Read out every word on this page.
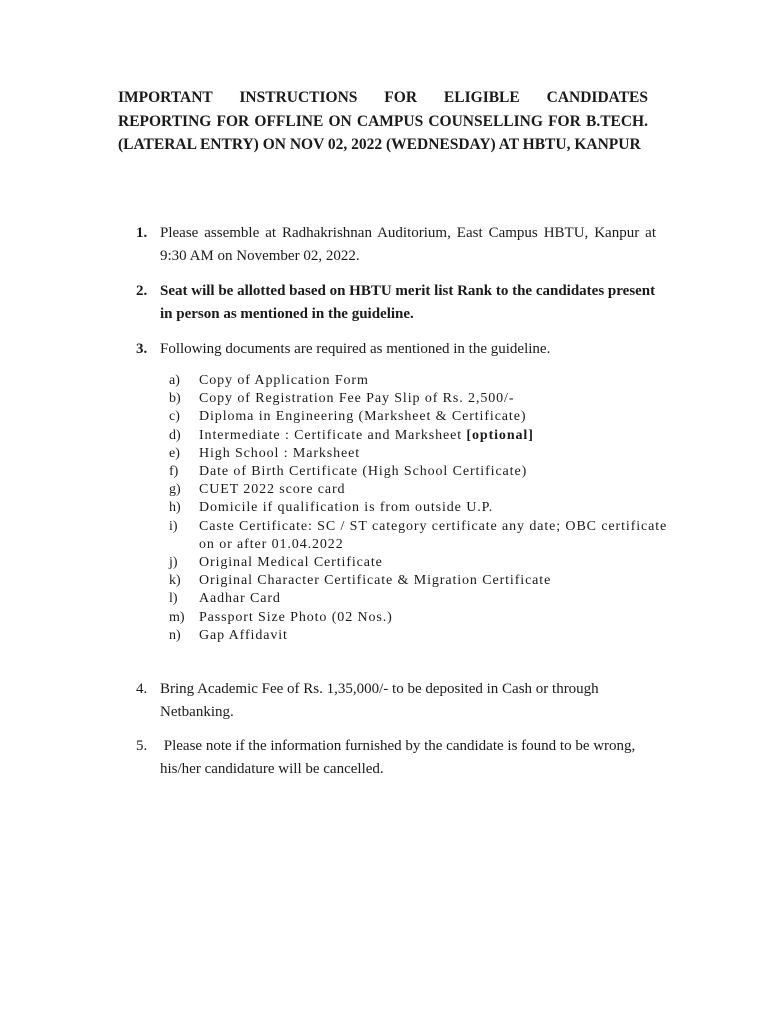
IMPORTANT INSTRUCTIONS FOR ELIGIBLE CANDIDATES REPORTING FOR OFFLINE ON CAMPUS COUNSELLING FOR B.TECH. (LATERAL ENTRY) ON NOV 02, 2022 (WEDNESDAY) AT HBTU, KANPUR
1. Please assemble at Radhakrishnan Auditorium, East Campus HBTU, Kanpur at 9:30 AM on November 02, 2022.
2. Seat will be allotted based on HBTU merit list Rank to the candidates present in person as mentioned in the guideline.
3. Following documents are required as mentioned in the guideline.
a) Copy of Application Form
b) Copy of Registration Fee Pay Slip of Rs. 2,500/-
c) Diploma in Engineering (Marksheet & Certificate)
d) Intermediate : Certificate and Marksheet [optional]
e) High School : Marksheet
f) Date of Birth Certificate (High School Certificate)
g) CUET 2022 score card
h) Domicile if qualification is from outside U.P.
i) Caste Certificate: SC / ST category certificate any date; OBC certificate on or after 01.04.2022
j) Original Medical Certificate
k) Original Character Certificate & Migration Certificate
l) Aadhar Card
m) Passport Size Photo (02 Nos.)
n) Gap Affidavit
4. Bring Academic Fee of Rs. 1,35,000/- to be deposited in Cash or through Netbanking.
5. Please note if the information furnished by the candidate is found to be wrong, his/her candidature will be cancelled.
